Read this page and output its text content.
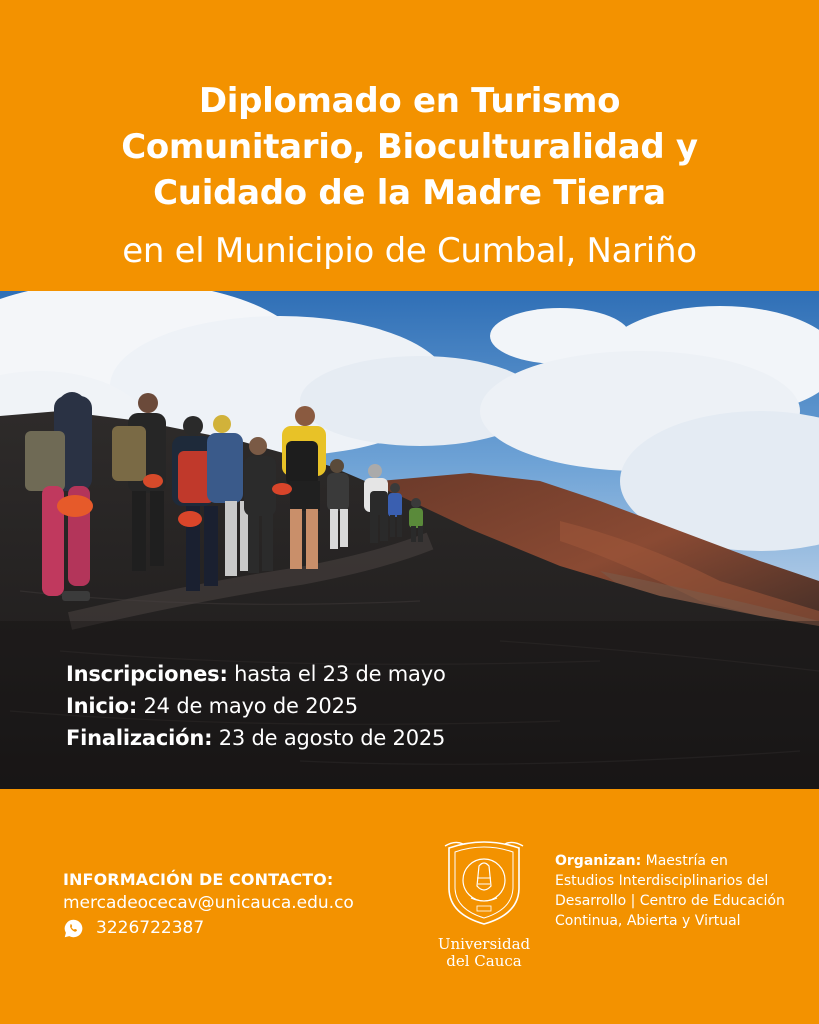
Diplomado en Turismo
Comunitario, Bioculturalidad y
Cuidado de la Madre Tierra
en el Municipio de Cumbal, Nariño
Inscripciones: hasta el 23 de mayo
Inicio: 24 de mayo de 2025
Finalización: 23 de agosto de 2025
INFORMACIÓN DE CONTACTO:
mercadeocecav@unicauca.edu.co
3226722387
Universidad
del Cauca
Organizan: Maestría en Estudios Interdisciplinarios del Desarrollo | Centro de Educación Continua, Abierta y Virtual
